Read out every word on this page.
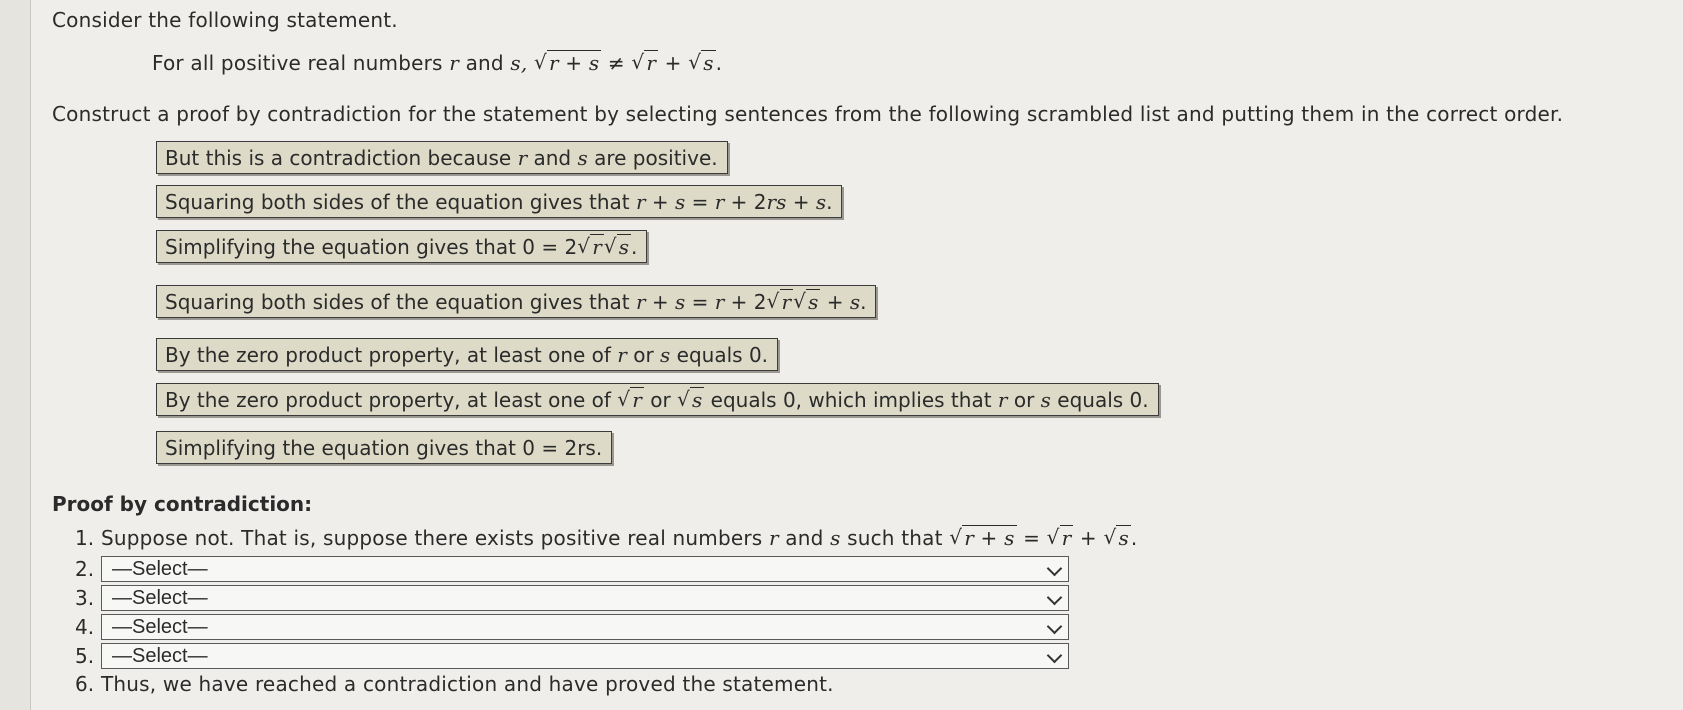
Consider the following statement.
For all positive real numbers r and s, √ r + s ≠ √ r + √ s .
Construct a proof by contradiction for the statement by selecting sentences from the following scrambled list and putting them in the correct order.
But this is a contradiction because r and s are positive.
Squaring both sides of the equation gives that r + s = r + 2rs + s.
Simplifying the equation gives that 0 = 2 √ r √ s .
Squaring both sides of the equation gives that r + s = r + 2 √ r √ s + s.
By the zero product property, at least one of r or s equals 0.
By the zero product property, at least one of √ r or √ s equals 0, which implies that r or s equals 0.
Simplifying the equation gives that 0 = 2rs.
Proof by contradiction:
1. Suppose not. That is, suppose there exists positive real numbers r and s such that √ r + s = √ r + √ s .
2. —Select—
3. —Select—
4. —Select—
5. —Select—
6. Thus, we have reached a contradiction and have proved the statement.
